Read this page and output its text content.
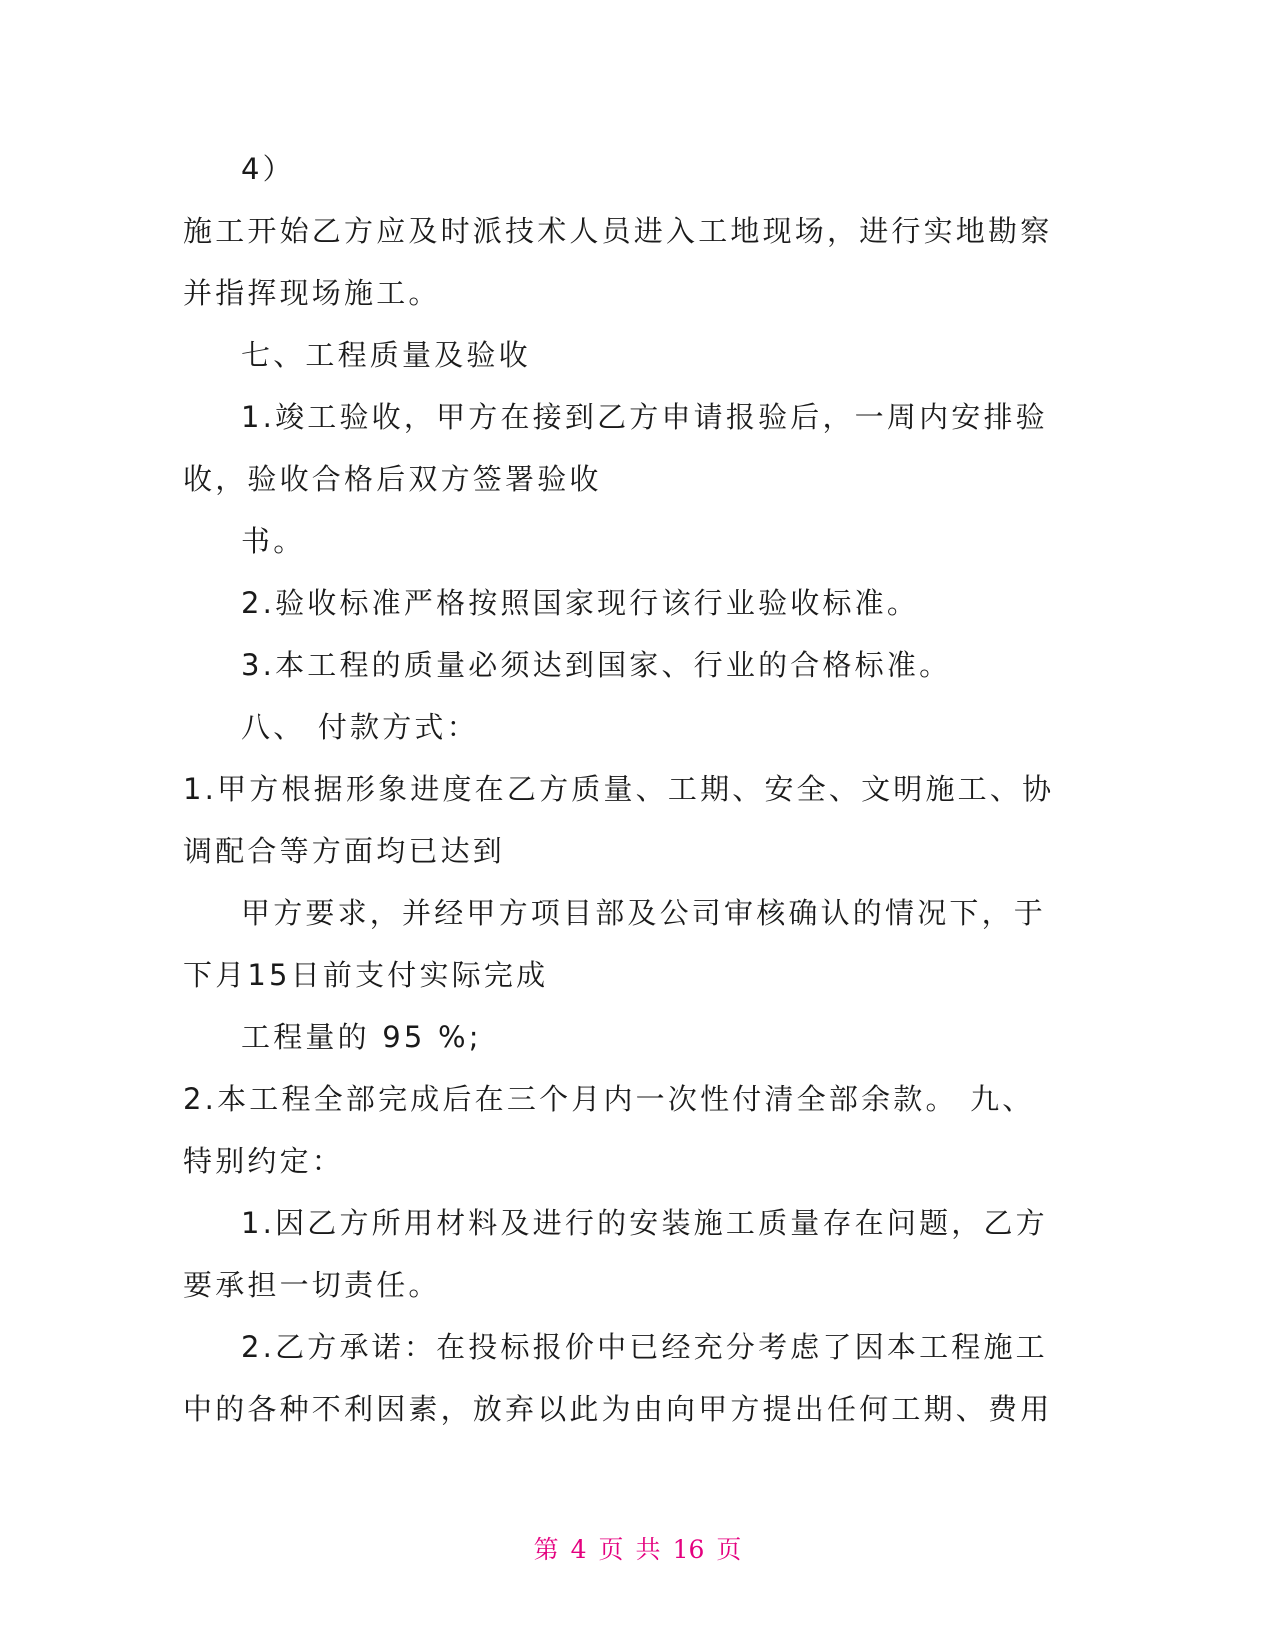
4）
施工开始乙方应及时派技术人员进入工地现场，进行实地勘察
并指挥现场施工。
七、工程质量及验收
1.竣工验收，甲方在接到乙方申请报验后，一周内安排验
收，验收合格后双方签署验收
书。
2.验收标准严格按照国家现行该行业验收标准。
3.本工程的质量必须达到国家、行业的合格标准。
八、 付款方式：
1.甲方根据形象进度在乙方质量、工期、安全、文明施工、协
调配合等方面均已达到
甲方要求，并经甲方项目部及公司审核确认的情况下，于
下月15日前支付实际完成
工程量的 95 %;
2.本工程全部完成后在三个月内一次性付清全部余款。 九、
特别约定：
1.因乙方所用材料及进行的安装施工质量存在问题，乙方
要承担一切责任。
2.乙方承诺：在投标报价中已经充分考虑了因本工程施工
中的各种不利因素，放弃以此为由向甲方提出任何工期、费用
第 4 页 共 16 页
